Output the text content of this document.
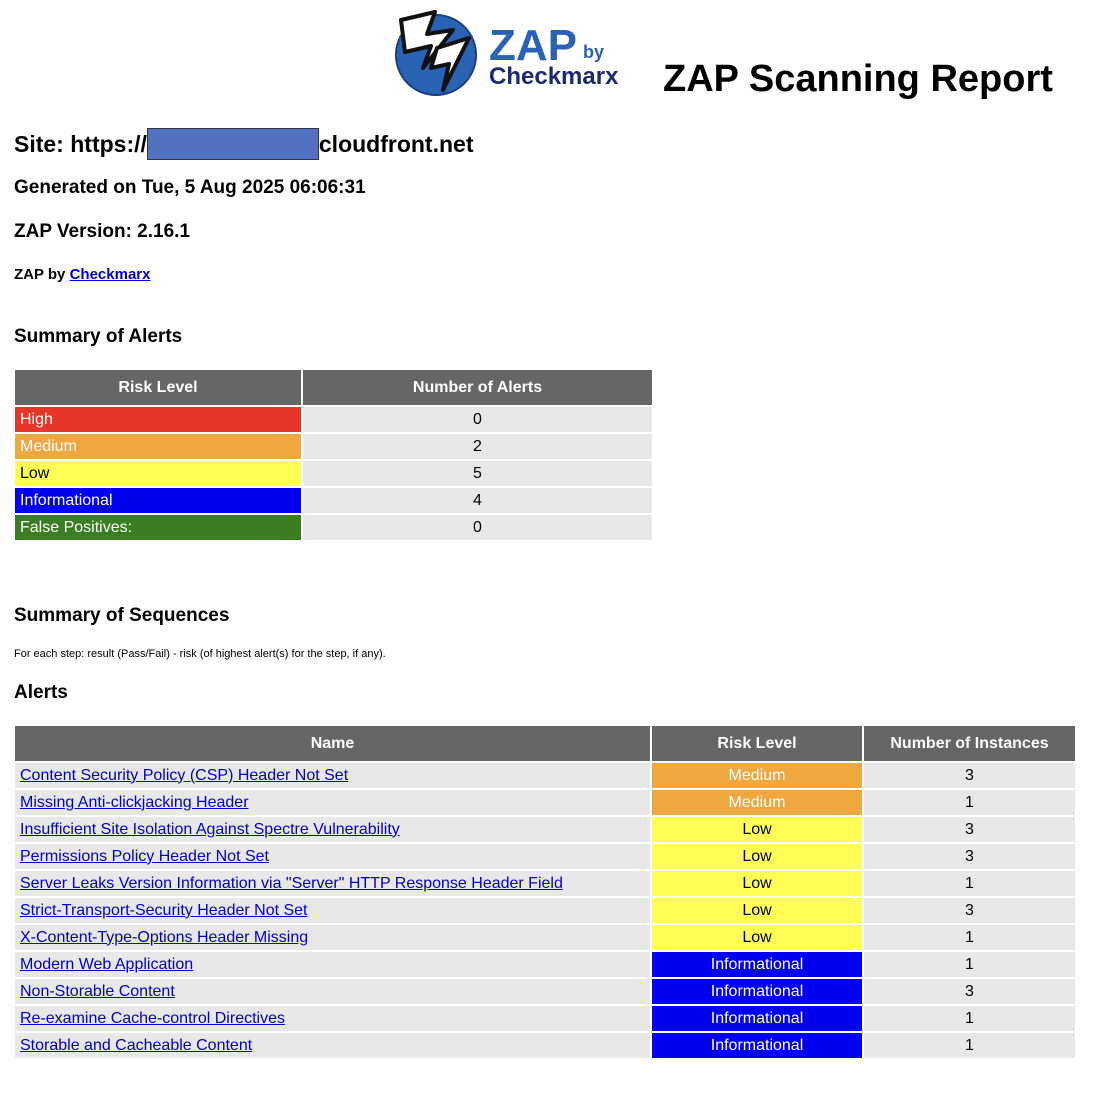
ZAP by
Checkmarx ZAP Scanning Report
Site: https://	cloudfront.net
Generated on Tue, 5 Aug 2025 06:06:31
ZAP Version: 2.16.1
ZAP by Checkmarx
Summary of Alerts
Risk Level	Number of Alerts
High	0
Medium	2
Low	5
Informational	4
False Positives:	0
Summary of Sequences

For each step: result (Pass/Fail) - risk (of highest alert(s) for the step, if any).

Alerts
Name	Risk Level	Number of Instances
Content Security Policy (CSP) Header Not Set	Medium	3
Missing Anti-clickjacking Header	Medium	1
Insufficient Site Isolation Against Spectre Vulnerability	Low	3
Permissions Policy Header Not Set	Low	3
Server Leaks Version Information via "Server" HTTP Response Header Field	Low	1
Strict-Transport-Security Header Not Set	Low	3
X-Content-Type-Options Header Missing	Low	1
Modern Web Application	Informational	1
Non-Storable Content	Informational	3
Re-examine Cache-control Directives	Informational	1
Storable and Cacheable Content	Informational	1
